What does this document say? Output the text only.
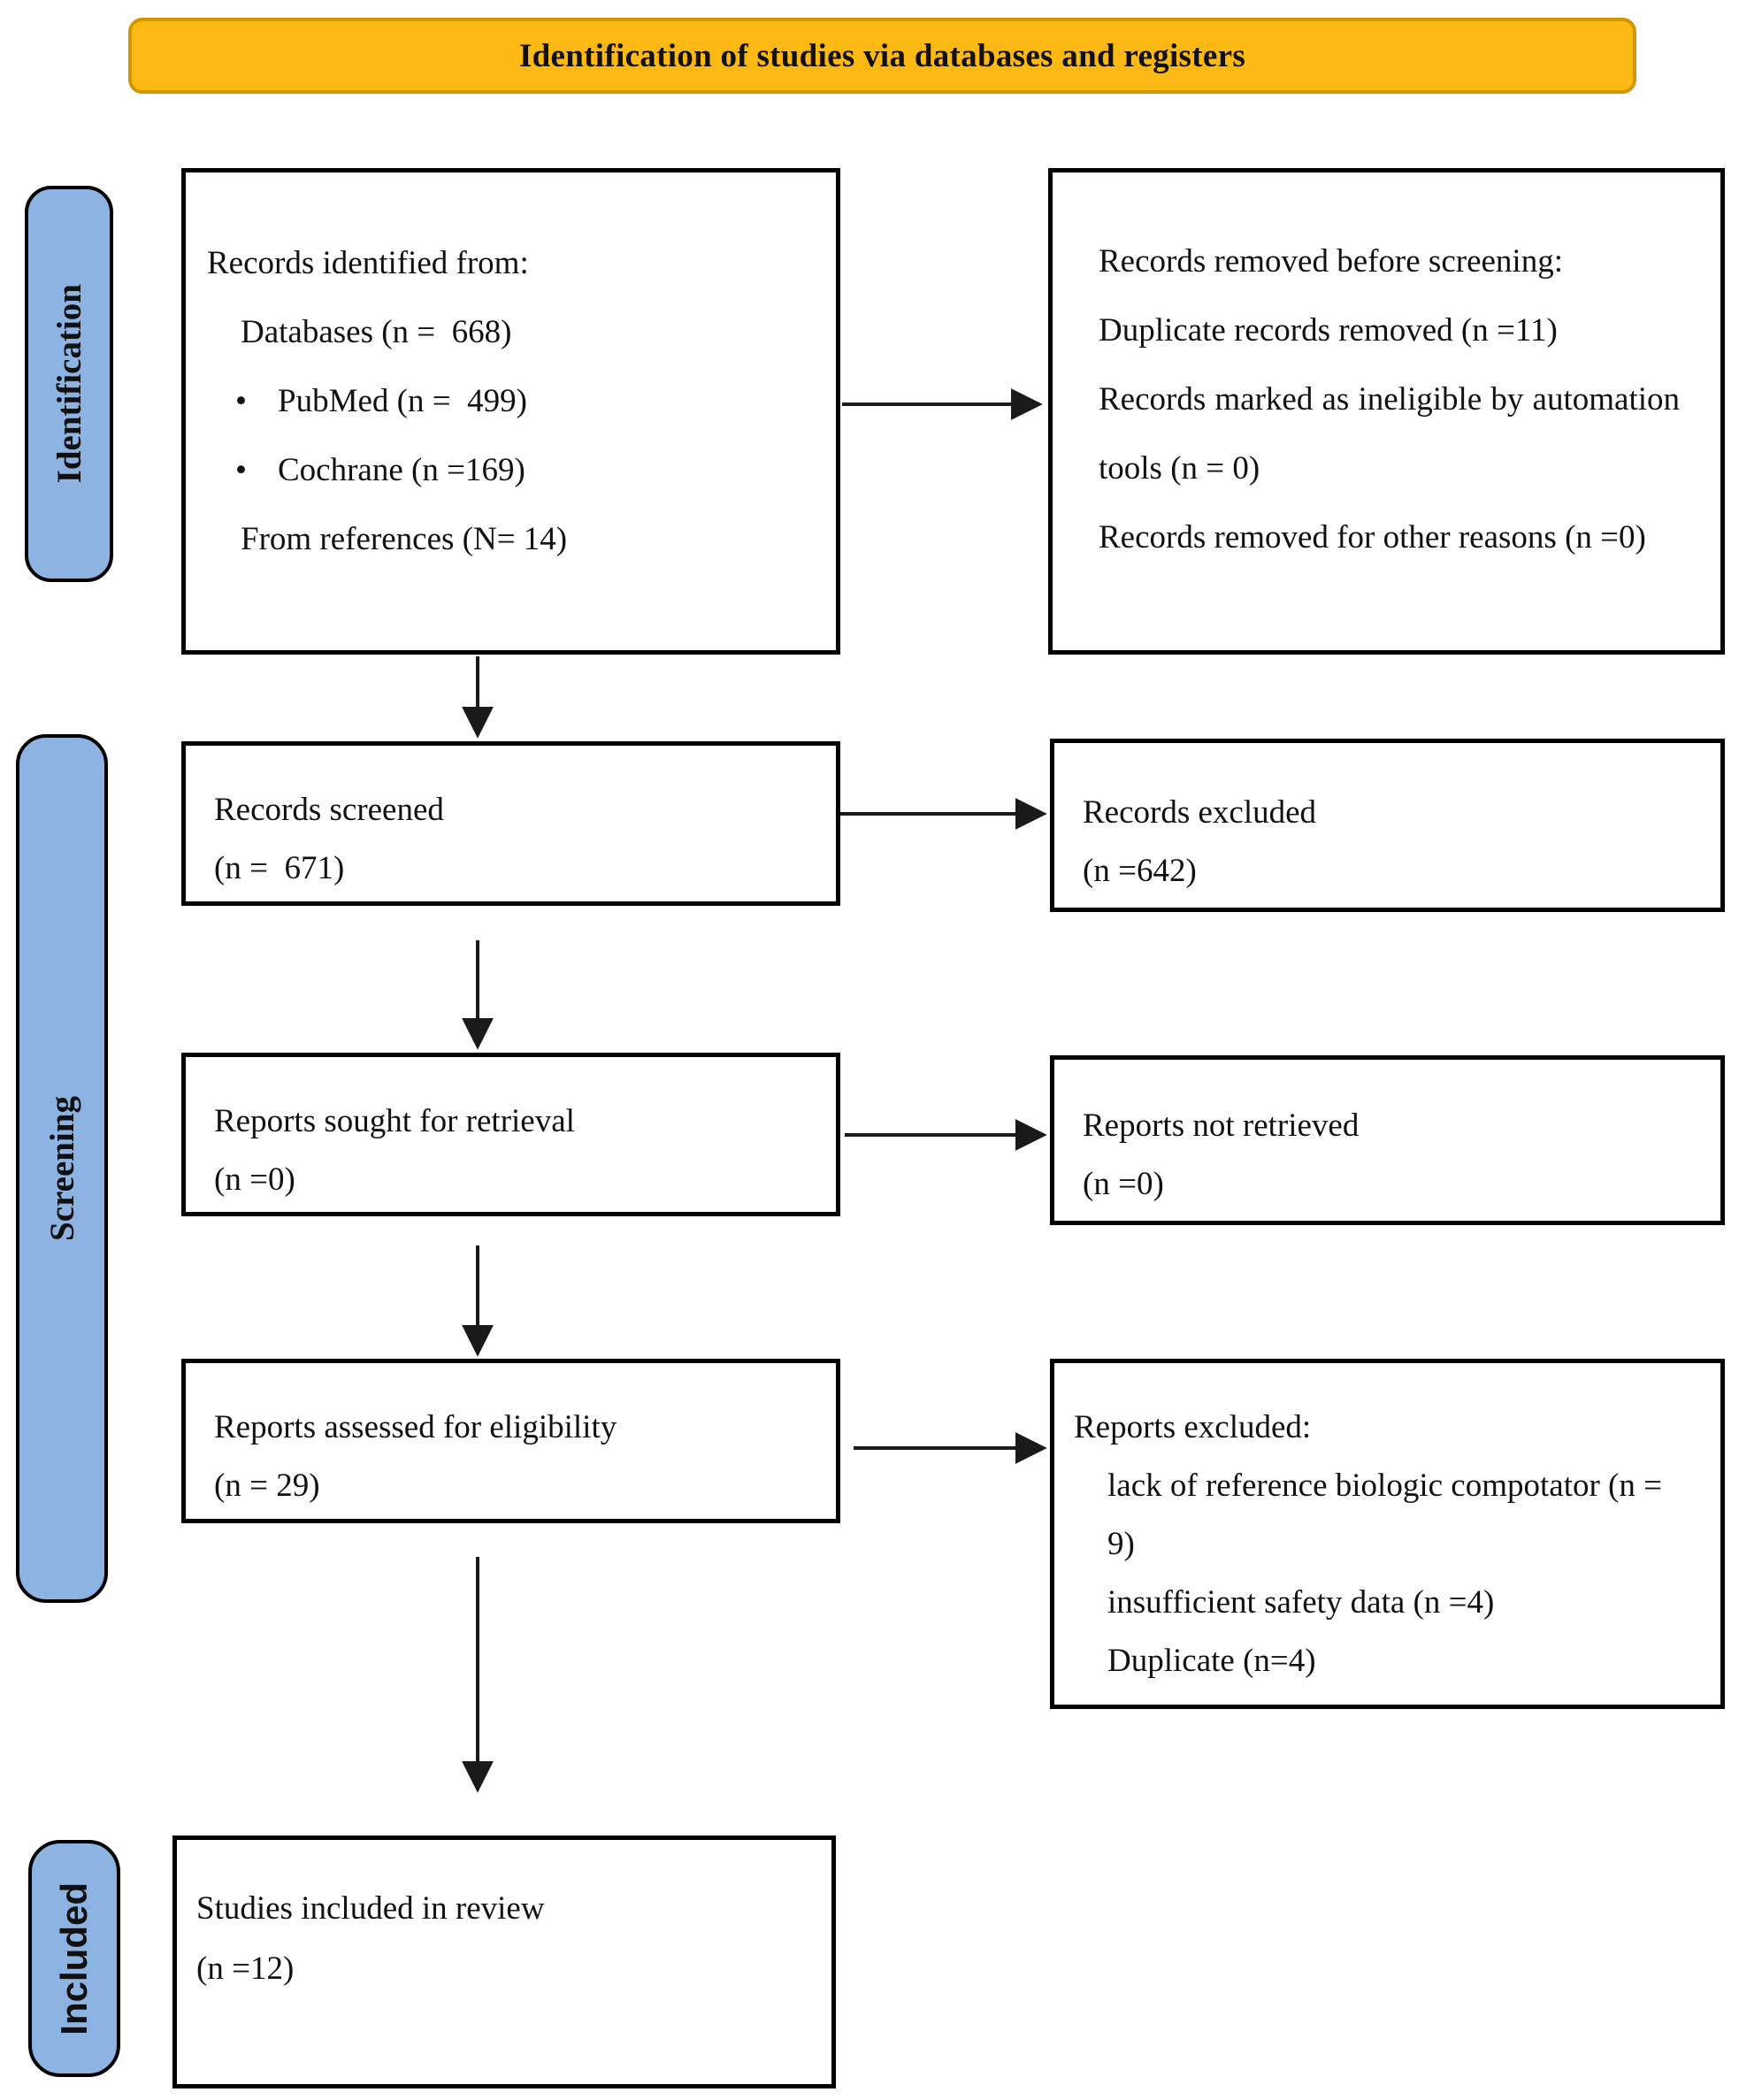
Identification of studies via databases and registers
Identification
Screening
Included

Records identified from:

Databases (n =  668)

• PubMed (n =  499)

• Cochrane (n =169)

From references (N= 14)

Records removed before screening:

Duplicate records removed (n =11)

Records marked as ineligible by automation tools (n = 0)

Records removed for other reasons (n =0)

Records screened

(n =  671)

Records excluded

(n =642)

Reports sought for retrieval

(n =0)

Reports not retrieved

(n =0)

Reports assessed for eligibility

(n = 29)

Reports excluded:

lack of reference biologic compotator (n = 9)

insufficient safety data (n =4)

Duplicate (n=4)

Studies included in review

(n =12)
